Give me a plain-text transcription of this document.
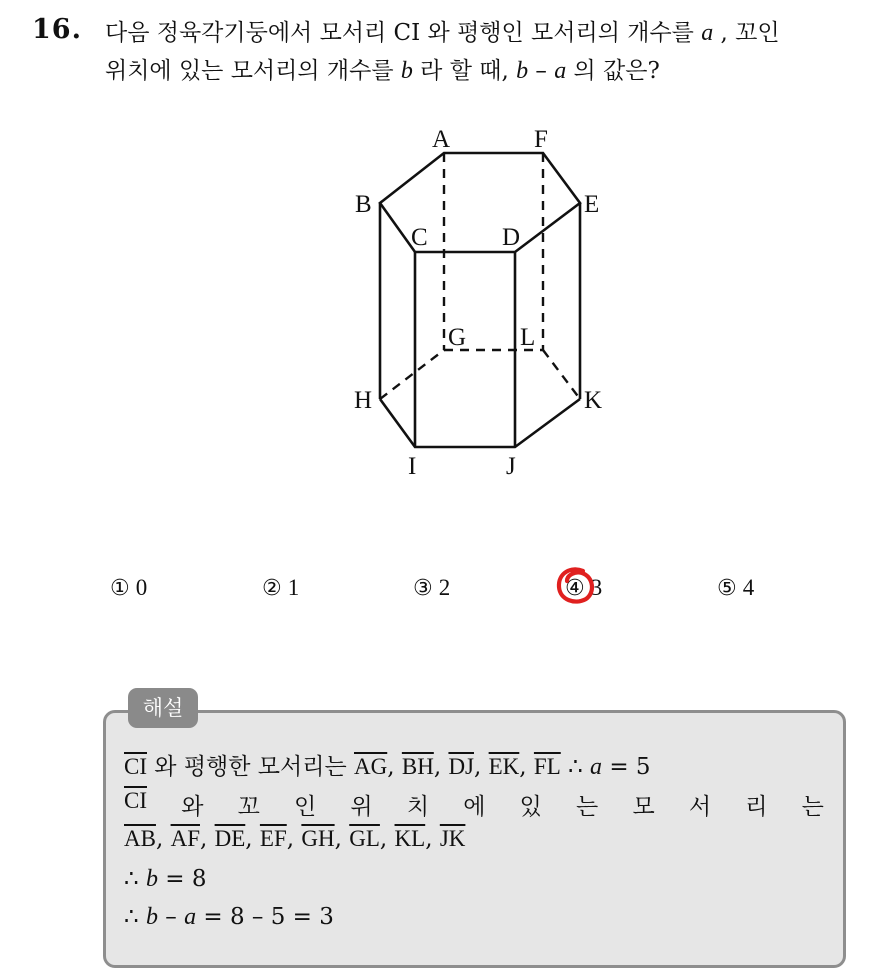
16. 다음 정육각기둥에서 모서리 CI 와 평행인 모서리의 개수를 a , 꼬인
위치에 있는 모서리의 개수를 b 라 할 때, b – a 의 값은?
A	F
B	E
C	D
G L
H	K
I	J
① 0	② 1	③ 2	④ 3	⑤ 4
해설
$\overline{CI}$ 와 평행한 모서리는 $\overline{AG}$, $\overline{BH}$, $\overline{DJ}$, $\overline{EK}$, $\overline{FL}$ ∴ a = 5
$\overline{CI}$ 와 꼬 인 위 치 에 있 는 모 서 리 는
$\overline{AB}$, $\overline{AF}$, $\overline{DE}$, $\overline{EF}$, $\overline{GH}$, $\overline{GL}$, $\overline{KL}$, $\overline{JK}$
∴ b = 8
∴ b – a = 8 – 5 = 3
